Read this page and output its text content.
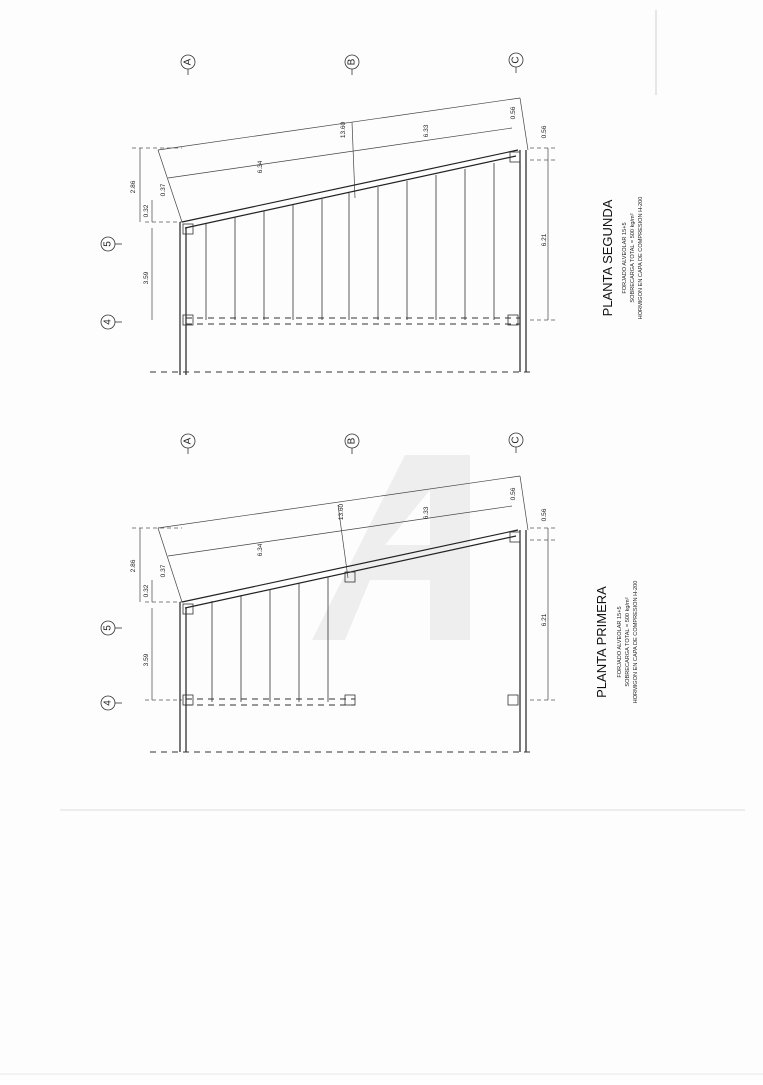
A	B	C
5
4
13.60
6.34
6.33
0.56
0.37
2.86
0.32
3.59
0.56
6.21	PLANTA SEGUNDA FORJADO ALVEOLAR 15+5 SOBRECARGA TOTAL = 500 kg/m² HORMIGON EN CAPA DE COMPRESION H-200
A	B	C
5
4
13.60
6.34
6.33
0.56
0.37
2.86
0.32
3.59
0.56
6.21	PLANTA PRIMERA FORJADO ALVEOLAR 15+5 SOBRECARGA TOTAL = 500 kg/m² HORMIGON EN CAPA DE COMPRESION H-200
